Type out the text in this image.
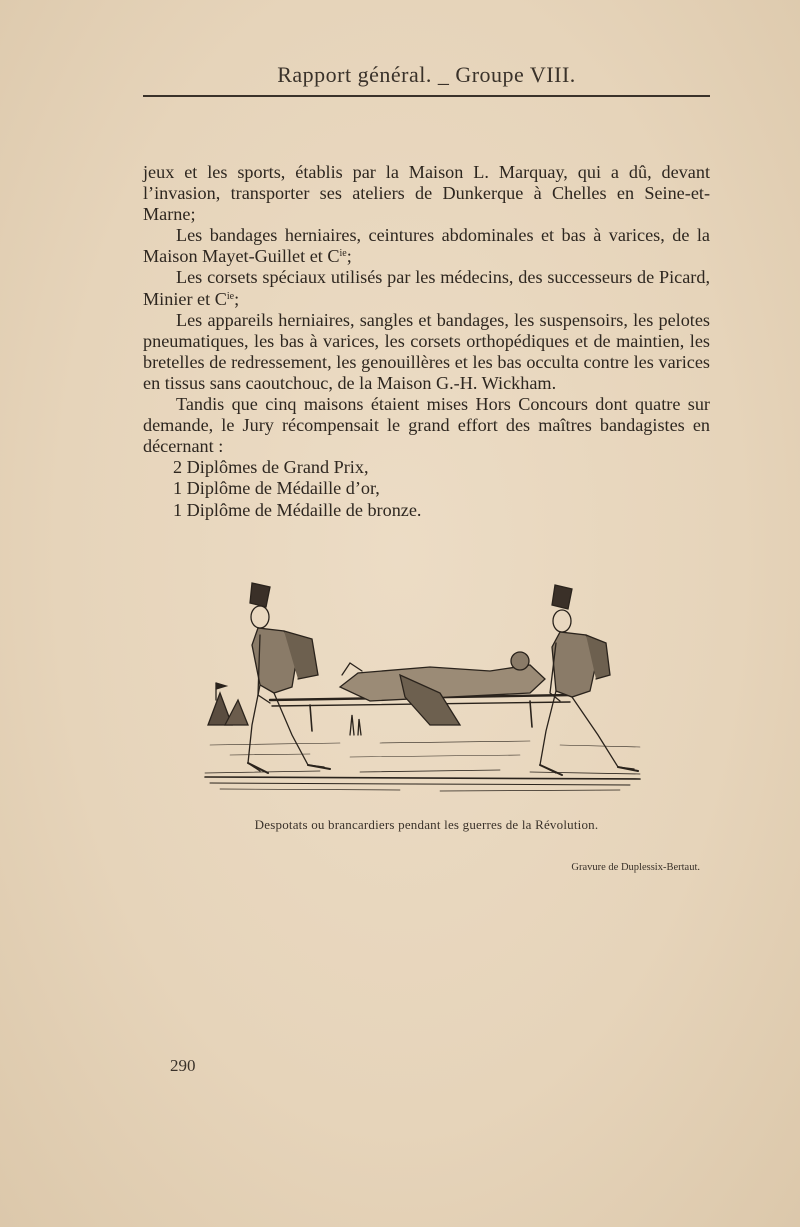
Rapport général. _ Groupe VIII.

jeux et les sports, établis par la Maison L. Marquay, qui a dû, devant l’invasion, transporter ses ateliers de Dunkerque à Chelles en Seine-et-Marne;

Les bandages herniaires, ceintures abdominales et bas à varices, de la Maison Mayet-Guillet et $C^{ie}$;

Les corsets spéciaux utilisés par les médecins, des successeurs de Picard, Minier et $C^{ie}$;

Les appareils herniaires, sangles et bandages, les suspensoirs, les pelotes pneumatiques, les bas à varices, les corsets orthopédiques et de maintien, les bretelles de redressement, les genouillères et les bas occulta contre les varices en tissus sans caoutchouc, de la Maison G.-H. Wickham.

Tandis que cinq maisons étaient mises Hors Concours dont quatre sur demande, le Jury récompensait le grand effort des maîtres bandagistes en décernant :

2 Diplômes de Grand Prix,

1 Diplôme de Médaille d’or,

1 Diplôme de Médaille de bronze.

Despotats ou brancardiers pendant les guerres de la Révolution.
Gravure de Duplessix-Bertaut.
290
